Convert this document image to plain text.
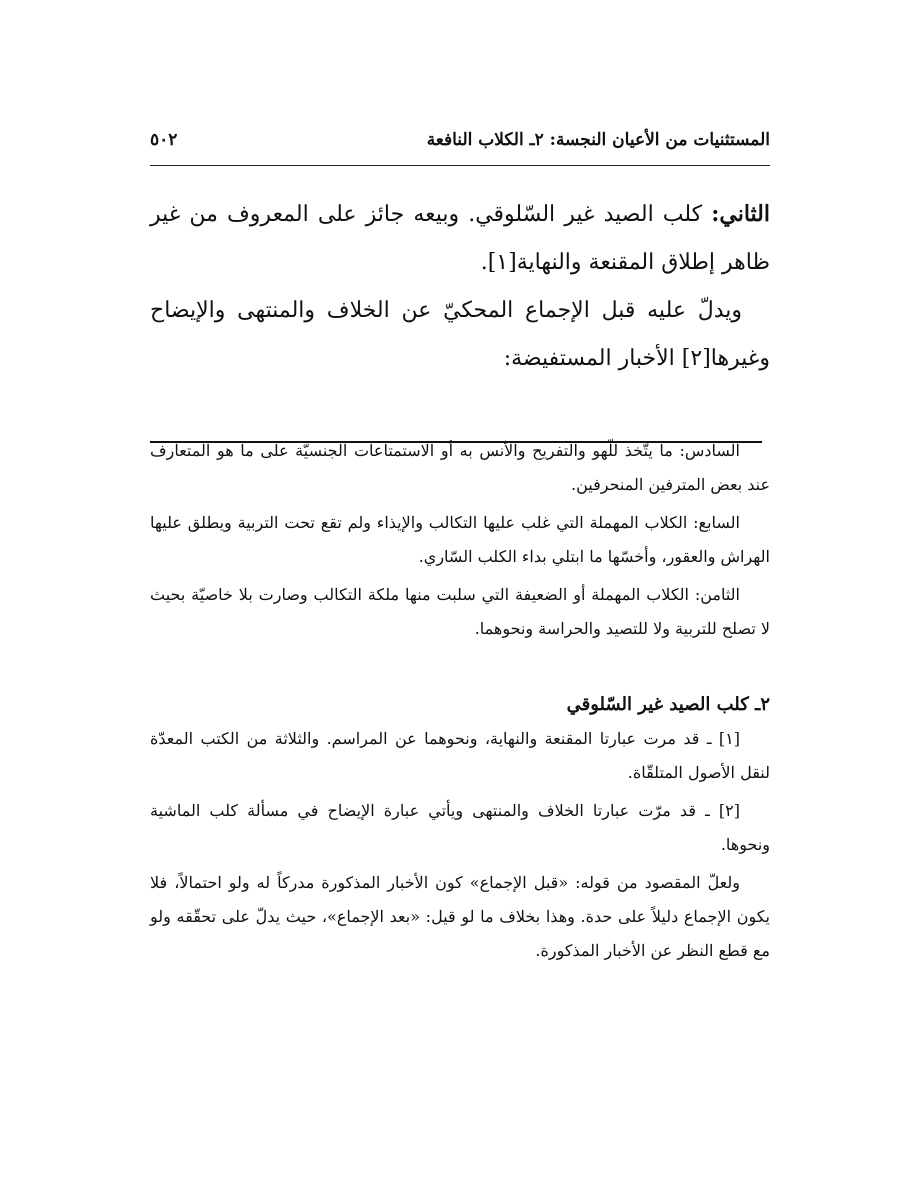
المستثنيات من الأعيان النجسة: ٢ـ الكلاب النافعة
٥٠٢

الثاني: كلب الصيد غير السّلوقي. وبيعه جائز على المعروف من غير ظاهر إطلاق المقنعة والنهاية[١].

ويدلّ عليه قبل الإجماع المحكيّ عن الخلاف والمنتهى والإيضاح وغيرها[٢] الأخبار المستفيضة:

السادس: ما يتّخذ للّهو والتفريح والأنس به أو الاستمتاعات الجنسيّة على ما هو المتعارف عند بعض المترفين المنحرفين.

السابع: الكلاب المهملة التي غلب عليها التكالب والإيذاء ولم تقع تحت التربية ويطلق عليها الهراش والعقور، وأخسّها ما ابتلي بداء الكلب السّاري.

الثامن: الكلاب المهملة أو الضعيفة التي سلبت منها ملكة التكالب وصارت بلا خاصيّة بحيث لا تصلح للتربية ولا للتصيد والحراسة ونحوهما.

٢ـ كلب الصيد غير السّلوقي

[١] ـ قد مرت عبارتا المقنعة والنهاية، ونحوهما عن المراسم. والثلاثة من الكتب المعدّة لنقل الأصول المتلقّاة.

[٢] ـ قد مرّت عبارتا الخلاف والمنتهى ويأتي عبارة الإيضاح في مسألة كلب الماشية ونحوها.

ولعلّ المقصود من قوله: «قبل الإجماع» كون الأخبار المذكورة مدركاً له ولو احتمالاً، فلا يكون الإجماع دليلاً على حدة. وهذا بخلاف ما لو قيل: «بعد الإجماع»، حيث يدلّ على تحقّقه ولو مع قطع النظر عن الأخبار المذكورة.
